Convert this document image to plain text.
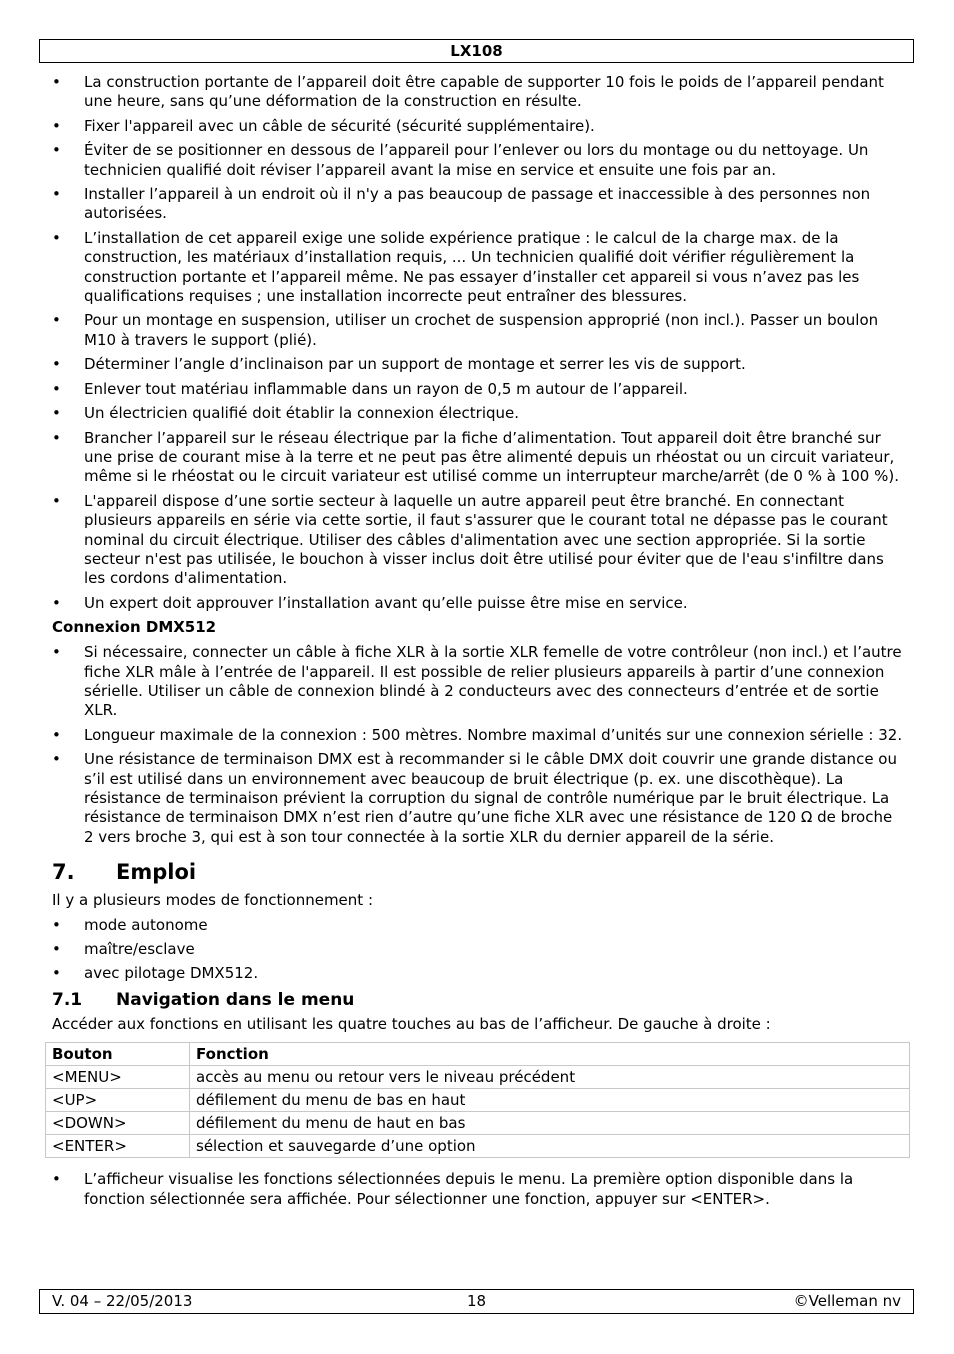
LX108
• La construction portante de l’appareil doit être capable de supporter 10 fois le poids de l’appareil pendant une heure, sans qu’une déformation de la construction en résulte.
• Fixer l'appareil avec un câble de sécurité (sécurité supplémentaire).
• Éviter de se positionner en dessous de l’appareil pour l’enlever ou lors du montage ou du nettoyage. Un technicien qualifié doit réviser l’appareil avant la mise en service et ensuite une fois par an.
• Installer l’appareil à un endroit où il n'y a pas beaucoup de passage et inaccessible à des personnes non autorisées.
• L’installation de cet appareil exige une solide expérience pratique : le calcul de la charge max. de la construction, les matériaux d’installation requis, ... Un technicien qualifié doit vérifier régulièrement la construction portante et l’appareil même. Ne pas essayer d’installer cet appareil si vous n’avez pas les qualifications requises ; une installation incorrecte peut entraîner des blessures.
• Pour un montage en suspension, utiliser un crochet de suspension approprié (non incl.). Passer un boulon M10 à travers le support (plié).
• Déterminer l’angle d’inclinaison par un support de montage et serrer les vis de support.
• Enlever tout matériau inflammable dans un rayon de 0,5 m autour de l’appareil.
• Un électricien qualifié doit établir la connexion électrique.
• Brancher l’appareil sur le réseau électrique par la fiche d’alimentation. Tout appareil doit être branché sur une prise de courant mise à la terre et ne peut pas être alimenté depuis un rhéostat ou un circuit variateur, même si le rhéostat ou le circuit variateur est utilisé comme un interrupteur marche/arrêt (de 0 % à 100 %).
• L'appareil dispose d’une sortie secteur à laquelle un autre appareil peut être branché. En connectant plusieurs appareils en série via cette sortie, il faut s'assurer que le courant total ne dépasse pas le courant nominal du circuit électrique. Utiliser des câbles d'alimentation avec une section appropriée. Si la sortie secteur n'est pas utilisée, le bouchon à visser inclus doit être utilisé pour éviter que de l'eau s'infiltre dans les cordons d'alimentation.
• Un expert doit approuver l’installation avant qu’elle puisse être mise en service.
Connexion DMX512
• Si nécessaire, connecter un câble à fiche XLR à la sortie XLR femelle de votre contrôleur (non incl.) et l’autre fiche XLR mâle à l’entrée de l'appareil. Il est possible de relier plusieurs appareils à partir d’une connexion sérielle. Utiliser un câble de connexion blindé à 2 conducteurs avec des connecteurs d’entrée et de sortie XLR.
• Longueur maximale de la connexion : 500 mètres. Nombre maximal d’unités sur une connexion sérielle : 32.
• Une résistance de terminaison DMX est à recommander si le câble DMX doit couvrir une grande distance ou s’il est utilisé dans un environnement avec beaucoup de bruit électrique (p. ex. une discothèque). La résistance de terminaison prévient la corruption du signal de contrôle numérique par le bruit électrique. La résistance de terminaison DMX n’est rien d’autre qu’une fiche XLR avec une résistance de 120 Ω de broche 2 vers broche 3, qui est à son tour connectée à la sortie XLR du dernier appareil de la série.
7. Emploi
Il y a plusieurs modes de fonctionnement :
• mode autonome
• maître/esclave
• avec pilotage DMX512.
7.1 Navigation dans le menu
Accéder aux fonctions en utilisant les quatre touches au bas de l’afficheur. De gauche à droite :
Bouton	Fonction
<MENU>	accès au menu ou retour vers le niveau précédent
<UP>	défilement du menu de bas en haut
<DOWN>	défilement du menu de haut en bas
<ENTER>	sélection et sauvegarde d’une option
• L’afficheur visualise les fonctions sélectionnées depuis le menu. La première option disponible dans la fonction sélectionnée sera affichée. Pour sélectionner une fonction, appuyer sur <ENTER>.
V. 04 – 22/05/2013	18	©Velleman nv
